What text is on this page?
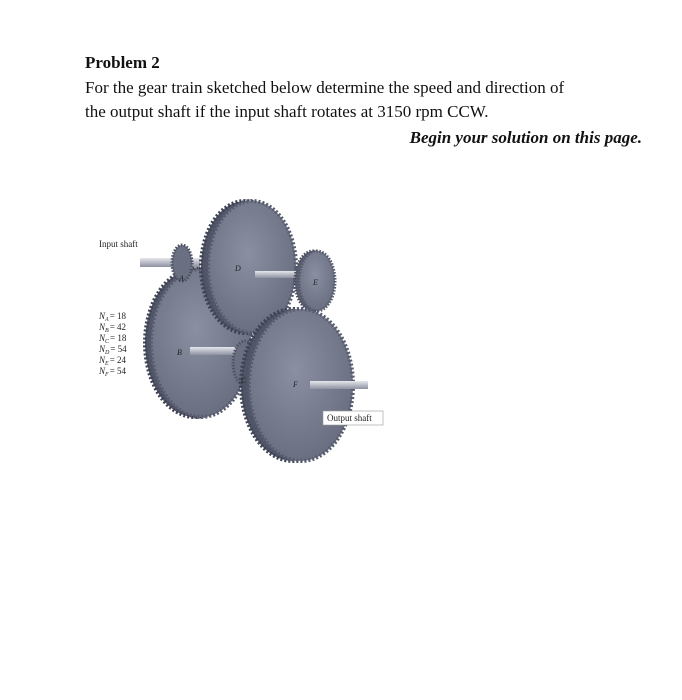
Problem 2
For the gear train sketched below determine the speed and direction of
the output shaft if the input shaft rotates at 3150 rpm CCW.
Begin your solution on this page.
A
B
C
D
E
F
Input shaft
Output shaft
$N_A= 18$
$N_B= 42$
$N_C= 18$
$N_D= 54$
$N_E= 24$
$N_F= 54$
